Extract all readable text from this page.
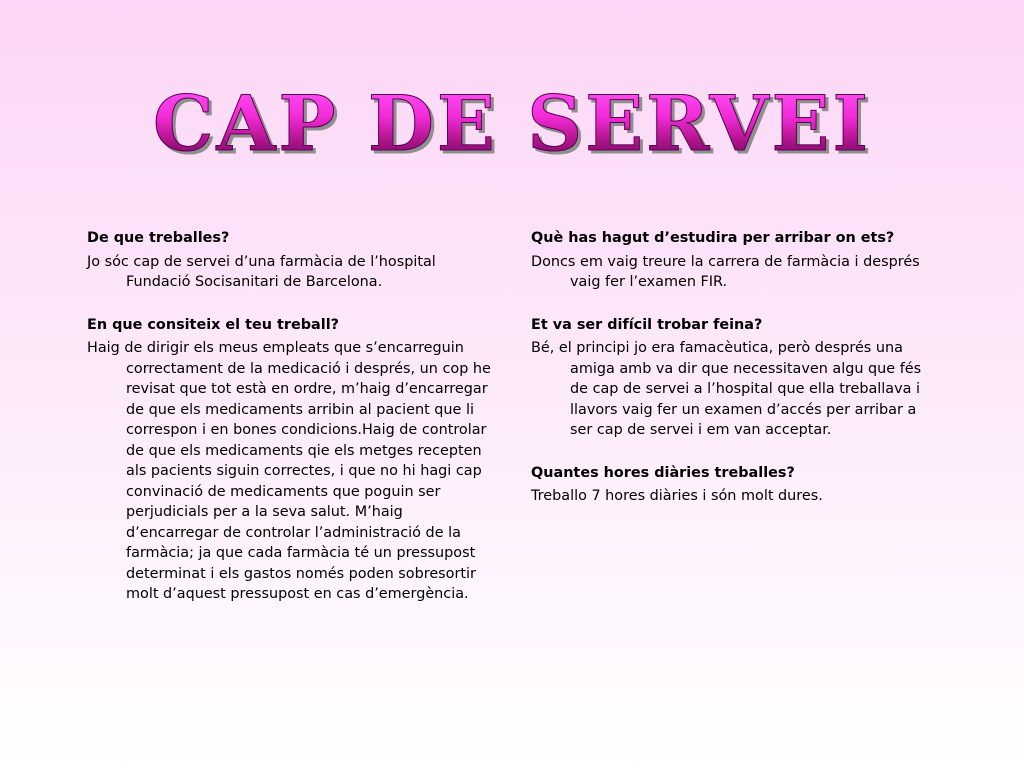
CAP DE SERVEI
De que treballes?
Jo sóc cap de servei d’una farmàcia de l’hospital Fundació Socisanitari de Barcelona.
En que consiteix el teu treball?
Haig de dirigir els meus empleats que s’encarreguin correctament de la medicació i després, un cop he revisat que tot està en ordre, m’haig d’encarregar de que els medicaments arribin al pacient que li correspon i en bones condicions.Haig de controlar de que els medicaments qie els metges recepten als pacients siguin correctes, i que no hi hagi cap convinació de medicaments que poguin ser perjudicials per a la seva salut. M’haig d’encarregar de controlar l’administració de la farmàcia; ja que cada farmàcia té un pressupost determinat i els gastos només poden sobresortir molt d’aquest pressupost en cas d’emergència.
Què has hagut d’estudira per arribar on ets?
Doncs em vaig treure la carrera de farmàcia i després vaig fer l’examen FIR.
Et va ser difícil trobar feina?
Bé, el principi jo era famacèutica, però després una amiga amb va dir que necessitaven algu que fés de cap de servei a l’hospital que ella treballava i llavors vaig fer un examen d’accés per arribar a ser cap de servei i em van acceptar.
Quantes hores diàries treballes?
Treballo 7 hores diàries i són molt dures.
